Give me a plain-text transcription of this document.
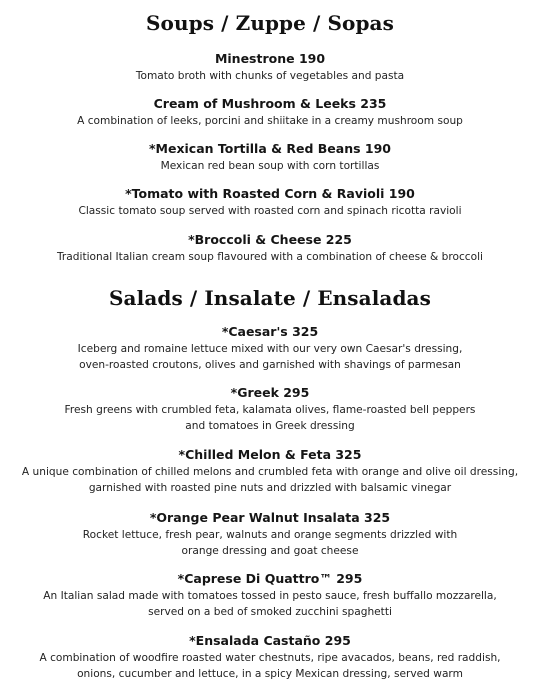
Soups / Zuppe / Sopas
Minestrone 190
Tomato broth with chunks of vegetables and pasta
Cream of Mushroom & Leeks 235
A combination of leeks, porcini and shiitake in a creamy mushroom soup
*Mexican Tortilla & Red Beans 190
Mexican red bean soup with corn tortillas
*Tomato with Roasted Corn & Ravioli 190
Classic tomato soup served with roasted corn and spinach ricotta ravioli
*Broccoli & Cheese 225
Traditional Italian cream soup flavoured with a combination of cheese & broccoli
Salads / Insalate / Ensaladas
*Caesar's 325
Iceberg and romaine lettuce mixed with our very own Caesar's dressing,
oven-roasted croutons, olives and garnished with shavings of parmesan
*Greek 295
Fresh greens with crumbled feta, kalamata olives, flame-roasted bell peppers
and tomatoes in Greek dressing
*Chilled Melon & Feta 325
A unique combination of chilled melons and crumbled feta with orange and olive oil dressing,
garnished with roasted pine nuts and drizzled with balsamic vinegar
*Orange Pear Walnut Insalata 325
Rocket lettuce, fresh pear, walnuts and orange segments drizzled with
orange dressing and goat cheese
*Caprese Di Quattro™ 295
An Italian salad made with tomatoes tossed in pesto sauce, fresh buffallo mozzarella,
served on a bed of smoked zucchini spaghetti
*Ensalada Castaño 295
A combination of woodfire roasted water chestnuts, ripe avacados, beans, red raddish,
onions, cucumber and lettuce, in a spicy Mexican dressing, served warm
